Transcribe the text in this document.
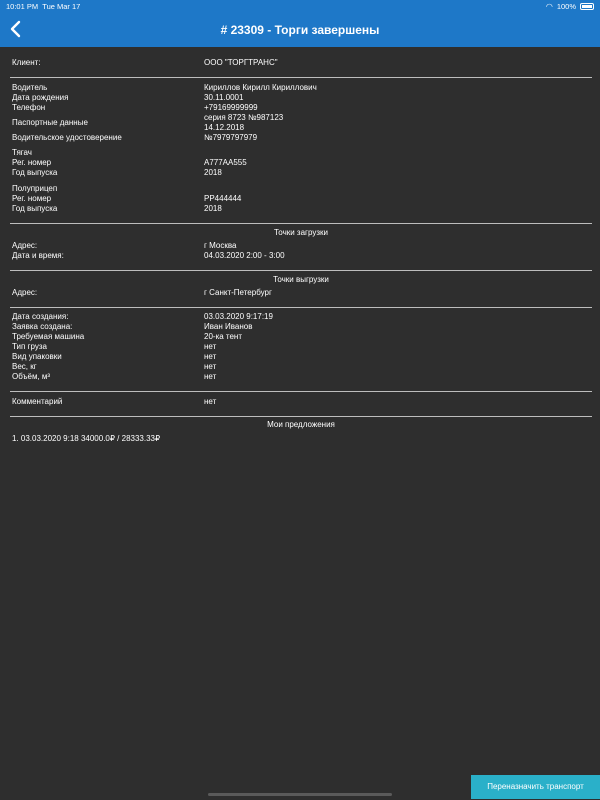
10:01 PM Tue Mar 17	◠ 100%
# 23309 - Торги завершены
Клиент:	ООО "ТОРГТРАНС"
Водитель	Кириллов Кирилл Кириллович
Дата рождения	30.11.0001
Телефон	+79169999999
Паспортные данные
серия 8723 №987123
14.12.2018
Водительское удостоверение	№7979797979
Тягач
Рег. номер	А777АА555
Год выпуска	2018
Полуприцеп
Рег. номер	РР444444
Год выпуска	2018
Точки загрузки
Адрес:	г Москва
Дата и время:	04.03.2020 2:00 - 3:00
Точки выгрузки
Адрес:	г Санкт-Петербург
Дата создания:	03.03.2020 9:17:19
Заявка создана:	Иван Иванов
Требуемая машина	20-ка тент
Тип груза	нет
Вид упаковки	нет
Вес, кг	нет
Объём, м³	нет
Комментарий	нет
Мои предложения
1. 03.03.2020 9:18 34000.0₽ / 28333.33₽
Переназначить транспорт
